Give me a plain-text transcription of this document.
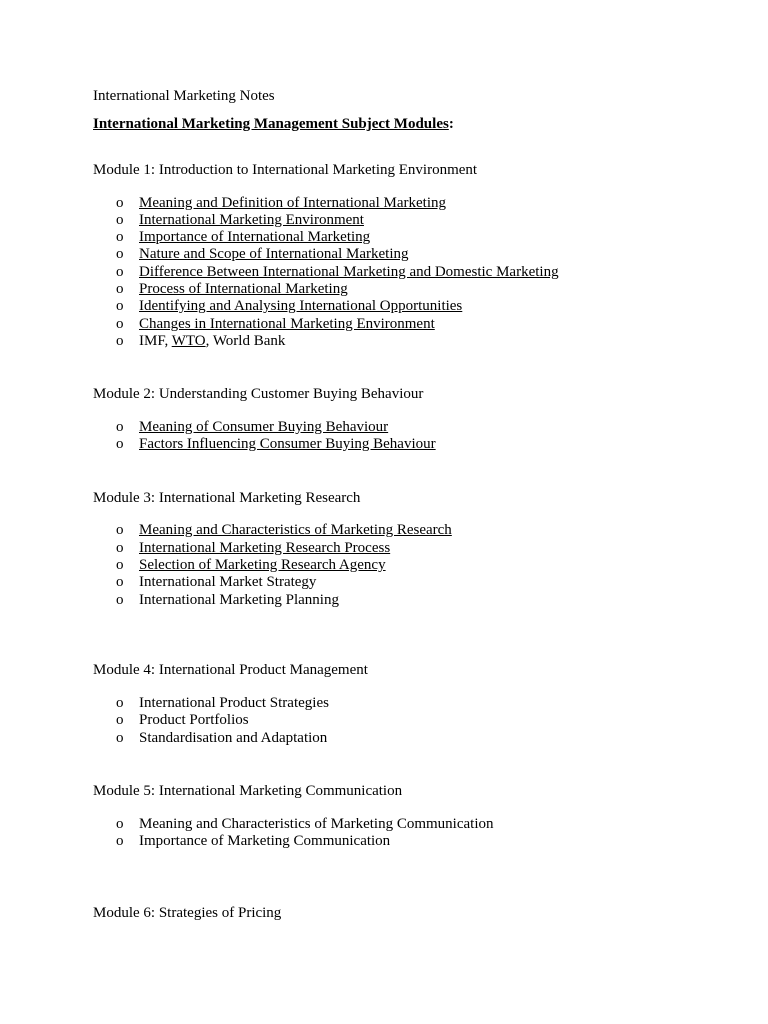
International Marketing Notes
International Marketing Management Subject Modules:
Module 1: Introduction to International Marketing Environment
o Meaning and Definition of International Marketing
o International Marketing Environment
o Importance of International Marketing
o Nature and Scope of International Marketing
o Difference Between International Marketing and Domestic Marketing
o Process of International Marketing
o Identifying and Analysing International Opportunities
o Changes in International Marketing Environment
o IMF, WTO, World Bank
Module 2: Understanding Customer Buying Behaviour
o Meaning of Consumer Buying Behaviour
o Factors Influencing Consumer Buying Behaviour
Module 3: International Marketing Research
o Meaning and Characteristics of Marketing Research
o International Marketing Research Process
o Selection of Marketing Research Agency
o International Market Strategy
o International Marketing Planning
Module 4: International Product Management
o International Product Strategies
o Product Portfolios
o Standardisation and Adaptation
Module 5: International Marketing Communication
o Meaning and Characteristics of Marketing Communication
o Importance of Marketing Communication
Module 6: Strategies of Pricing
